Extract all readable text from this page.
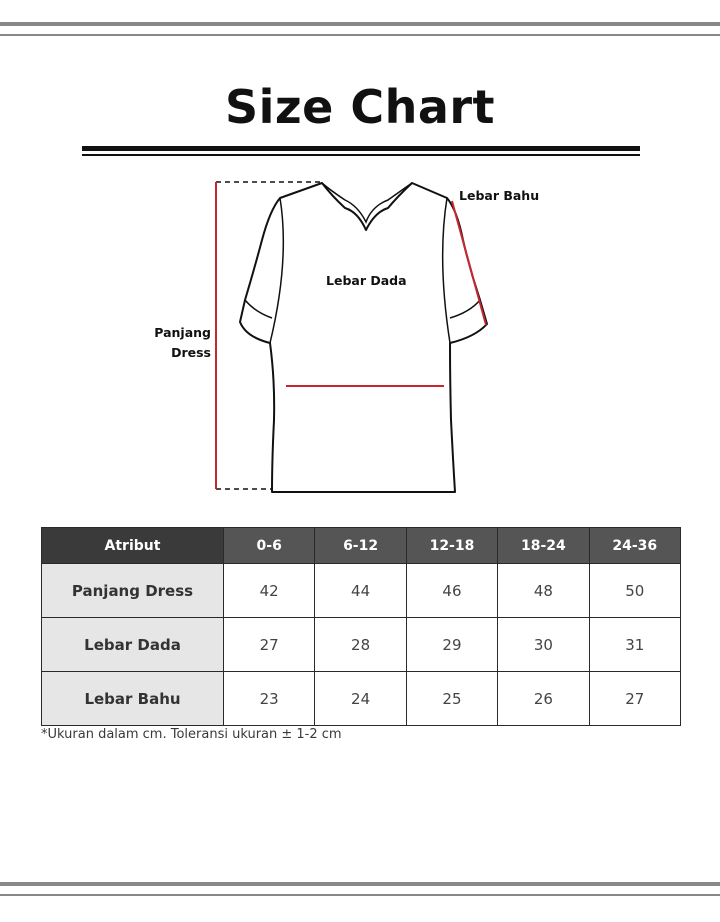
Size Chart
Lebar Bahu
Lebar Dada
Panjang
Dress
Atribut	0-6	6-12	12-18	18-24	24-36
Panjang Dress	42	44	46	48	50
Lebar Dada	27	28	29	30	31
Lebar Bahu	23	24	25	26	27
*Ukuran dalam cm. Toleransi ukuran ± 1-2 cm
